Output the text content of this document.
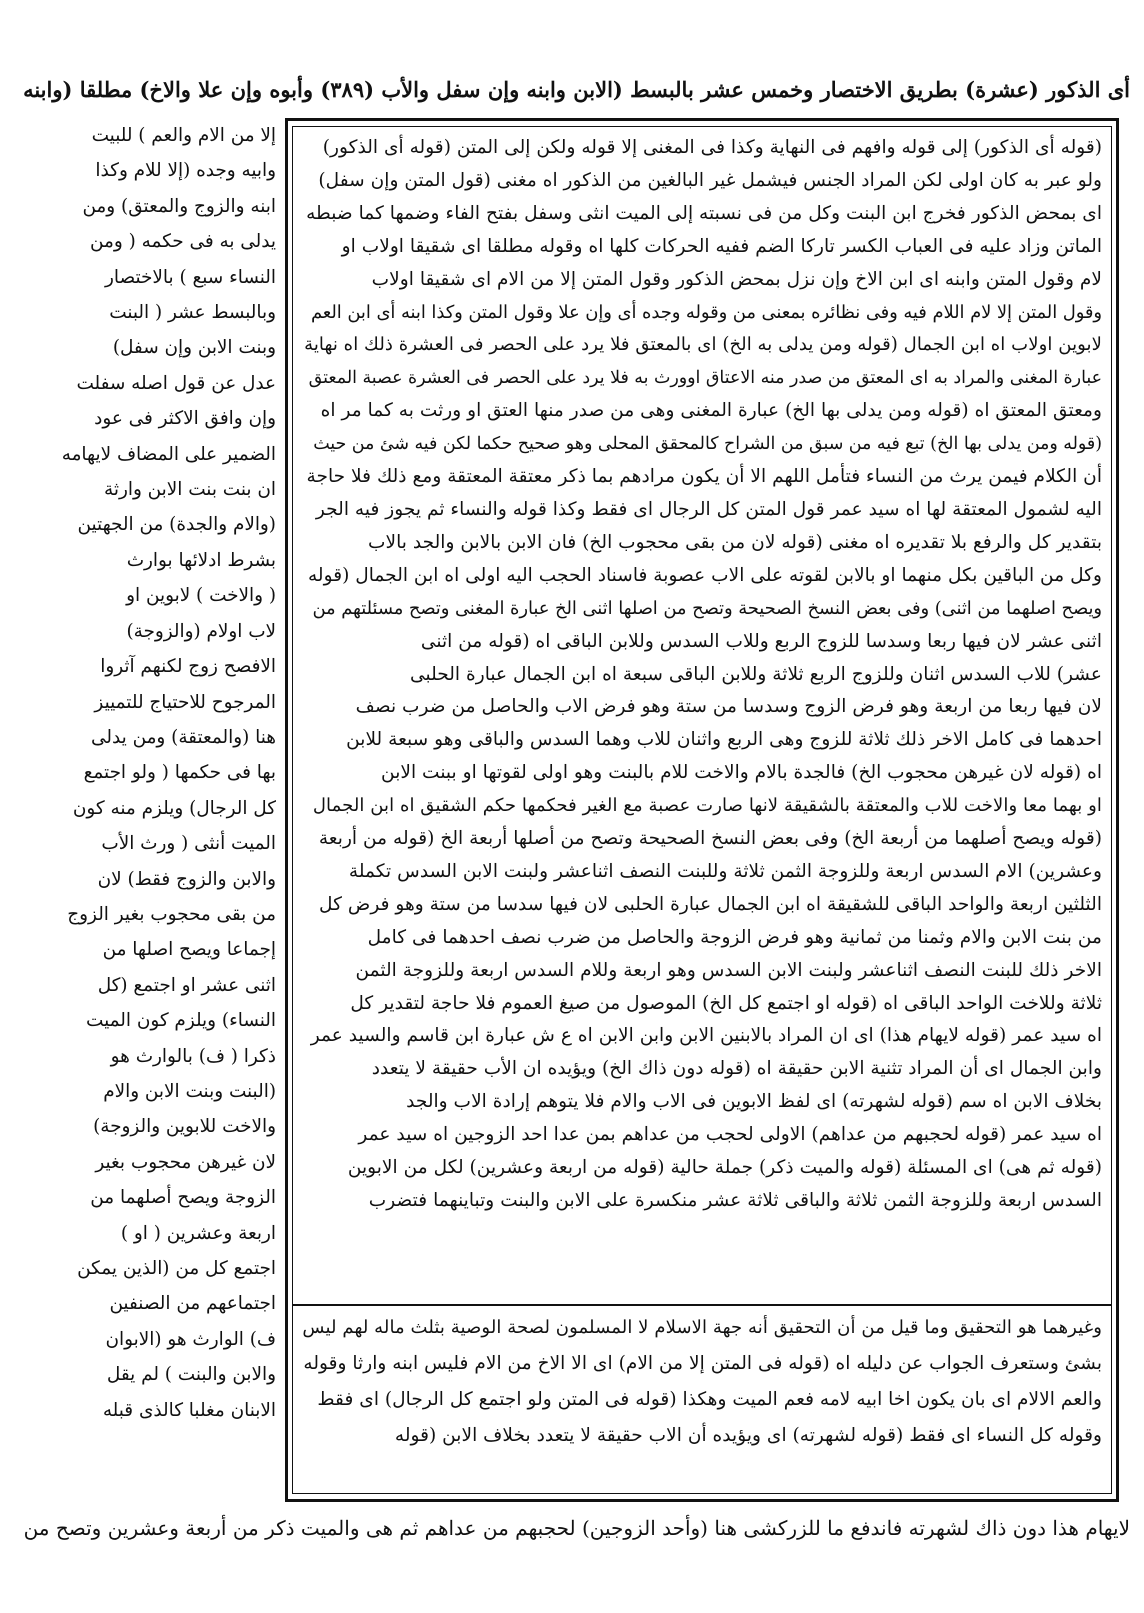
أى الذكور (عشرة) بطريق الاختصار وخمس عشر بالبسط (الابن وابنه وإن سفل والأب (٣٨٩) وأبوه وإن علا والاخ) مطلقا (وابنه
(قوله أى الذكور) إلى قوله وافهم فى النهاية وكذا فى المغنى إلا قوله ولكن إلى المتن (قوله أى الذكور)
ولو عبر به كان اولى لكن المراد الجنس فيشمل غير البالغين من الذكور اه مغنى (قول المتن وإن سفل)
اى بمحض الذكور فخرج ابن البنت وكل من فى نسبته إلى الميت انثى وسفل بفتح الفاء وضمها كما ضبطه
الماتن وزاد عليه فى العباب الكسر تاركا الضم ففيه الحركات كلها اه وقوله مطلقا اى شقيقا اولاب او
لام وقول المتن وابنه اى ابن الاخ وإن نزل بمحض الذكور وقول المتن إلا من الام اى شقيقا اولاب
وقول المتن إلا لام اللام فيه وفى نظائره بمعنى من وقوله وجده أى وإن علا وقول المتن وكذا ابنه أى ابن العم
لابوين اولاب اه ابن الجمال (قوله ومن يدلى به الخ) اى بالمعتق فلا يرد على الحصر فى العشرة ذلك اه نهاية
عبارة المغنى والمراد به اى المعتق من صدر منه الاعتاق اوورث به فلا يرد على الحصر فى العشرة عصبة المعتق
ومعتق المعتق اه (قوله ومن يدلى بها الخ) عبارة المغنى وهى من صدر منها العتق او ورثت به كما مر اه
(قوله ومن يدلى بها الخ) تبع فيه من سبق من الشراح كالمحقق المحلى وهو صحيح حكما لكن فيه شئ من حيث
أن الكلام فيمن يرث من النساء فتأمل اللهم الا أن يكون مرادهم بما ذكر معتقة المعتقة ومع ذلك فلا حاجة
اليه لشمول المعتقة لها اه سيد عمر قول المتن كل الرجال اى فقط وكذا قوله والنساء ثم يجوز فيه الجر
بتقدير كل والرفع بلا تقديره اه مغنى (قوله لان من بقى محجوب الخ) فان الابن بالابن والجد بالاب
وكل من الباقين بكل منهما او بالابن لقوته على الاب عصوبة فاسناد الحجب اليه اولى اه ابن الجمال (قوله
ويصح اصلهما من اثنى) وفى بعض النسخ الصحيحة وتصح من اصلها اثنى الخ عبارة المغنى وتصح مسئلتهم من
اثنى عشر لان فيها ربعا وسدسا للزوج الربع وللاب السدس وللابن الباقى اه (قوله من اثنى
عشر) للاب السدس اثنان وللزوج الربع ثلاثة وللابن الباقى سبعة اه ابن الجمال عبارة الحلبى
لان فيها ربعا من اربعة وهو فرض الزوج وسدسا من ستة وهو فرض الاب والحاصل من ضرب نصف
احدهما فى كامل الاخر ذلك ثلاثة للزوج وهى الربع واثنان للاب وهما السدس والباقى وهو سبعة للابن
اه (قوله لان غيرهن محجوب الخ) فالجدة بالام والاخت للام بالبنت وهو اولى لقوتها او ببنت الابن
او بهما معا والاخت للاب والمعتقة بالشقيقة لانها صارت عصبة مع الغير فحكمها حكم الشقيق اه ابن الجمال
(قوله ويصح أصلهما من أربعة الخ) وفى بعض النسخ الصحيحة وتصح من أصلها أربعة الخ (قوله من أربعة
وعشرين) الام السدس اربعة وللزوجة الثمن ثلاثة وللبنت النصف اثناعشر ولبنت الابن السدس تكملة
الثلثين اربعة والواحد الباقى للشقيقة اه ابن الجمال عبارة الحلبى لان فيها سدسا من ستة وهو فرض كل
من بنت الابن والام وثمنا من ثمانية وهو فرض الزوجة والحاصل من ضرب نصف احدهما فى كامل
الاخر ذلك للبنت النصف اثناعشر ولبنت الابن السدس وهو اربعة وللام السدس اربعة وللزوجة الثمن
ثلاثة وللاخت الواحد الباقى اه (قوله او اجتمع كل الخ) الموصول من صيغ العموم فلا حاجة لتقدير كل
اه سيد عمر (قوله لايهام هذا) اى ان المراد بالابنين الابن وابن الابن اه ع ش عبارة ابن قاسم والسيد عمر
وابن الجمال اى أن المراد تثنية الابن حقيقة اه (قوله دون ذاك الخ) ويؤيده ان الأب حقيقة لا يتعدد
بخلاف الابن اه سم (قوله لشهرته) اى لفظ الابوين فى الاب والام فلا يتوهم إرادة الاب والجد
اه سيد عمر (قوله لحجبهم من عداهم) الاولى لحجب من عداهم بمن عدا احد الزوجين اه سيد عمر
(قوله ثم هى) اى المسئلة (قوله والميت ذكر) جملة حالية (قوله من اربعة وعشرين) لكل من الابوين
السدس اربعة وللزوجة الثمن ثلاثة والباقى ثلاثة عشر منكسرة على الابن والبنت وتباينهما فتضرب
وغيرهما هو التحقيق وما قيل من أن التحقيق أنه جهة الاسلام لا المسلمون لصحة الوصية بثلث ماله لهم ليس
بشئ وستعرف الجواب عن دليله اه (قوله فى المتن إلا من الام) اى الا الاخ من الام فليس ابنه وارثا وقوله
والعم الالام اى بان يكون اخا ابيه لامه فعم الميت وهكذا (قوله فى المتن ولو اجتمع كل الرجال) اى فقط
وقوله كل النساء اى فقط (قوله لشهرته) اى ويؤيده أن الاب حقيقة لا يتعدد بخلاف الابن (قوله
إلا من الام والعم ) للبيت
وابيه وجده (إلا للام وكذا
ابنه والزوج والمعتق) ومن
يدلى به فى حكمه ( ومن
النساء سبع ) بالاختصار
وبالبسط عشر ( البنت
وبنت الابن وإن سفل)
عدل عن قول اصله سفلت
وإن وافق الاكثر فى عود
الضمير على المضاف لايهامه
ان بنت بنت الابن وارثة
(والام والجدة) من الجهتين
بشرط ادلائها بوارث
( والاخت ) لابوين او
لاب اولام (والزوجة)
الافصح زوج لكنهم آثروا
المرجوح للاحتياج للتمييز
هنا (والمعتقة) ومن يدلى
بها فى حكمها ( ولو اجتمع
كل الرجال) ويلزم منه كون
الميت أنثى ( ورث الأب
والابن والزوج فقط) لان
من بقى محجوب بغير الزوج
إجماعا ويصح اصلها من
اثنى عشر او اجتمع (كل
النساء) ويلزم كون الميت
ذكرا ( ف) بالوارث هو
(البنت وبنت الابن والام
والاخت للابوين والزوجة)
لان غيرهن محجوب بغير
الزوجة ويصح أصلهما من
اربعة وعشرين ( او )
اجتمع كل من (الذين يمكن
اجتماعهم من الصنفين
ف) الوارث هو (الابوان
والابن والبنت ) لم يقل
الابنان مغلبا كالذى قبله
لايهام هذا دون ذاك لشهرته فاندفع ما للزركشى هنا (وأحد الزوجين) لحجبهم من عداهم ثم هى والميت ذكر من أربعة وعشرين وتصح من
